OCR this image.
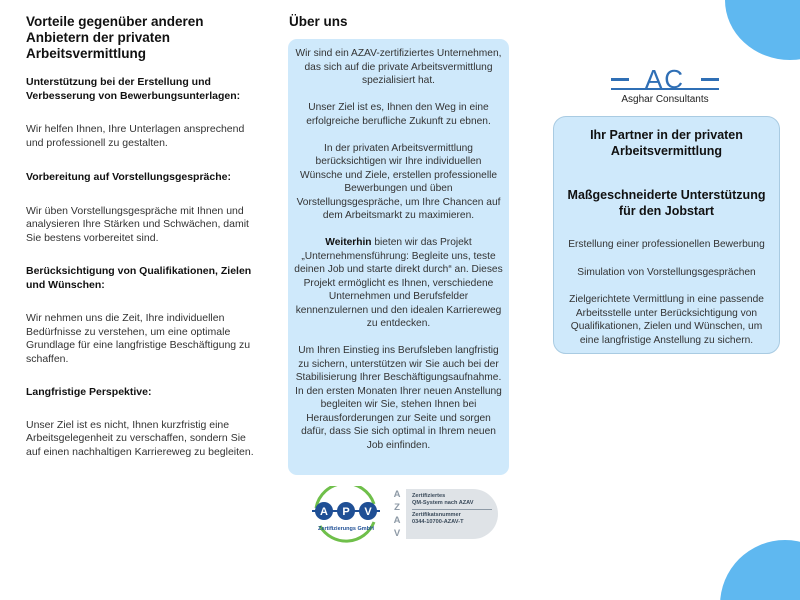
Vorteile gegenüber anderen Anbietern der privaten Arbeitsvermittlung
Unterstützung bei der Erstellung und Verbesserung von Bewerbungsunterlagen:

Wir helfen Ihnen, Ihre Unterlagen ansprechend und professionell zu gestalten.

Vorbereitung auf Vorstellungsgespräche:

Wir üben Vorstellungsgespräche mit Ihnen und analysieren Ihre Stärken und Schwächen, damit Sie bestens vorbereitet sind.

Berücksichtigung von Qualifikationen, Zielen und Wünschen:

Wir nehmen uns die Zeit, Ihre individuellen Bedürfnisse zu verstehen, um eine optimale Grundlage für eine langfristige Beschäftigung zu schaffen.

Langfristige Perspektive:

Unser Ziel ist es nicht, Ihnen kurzfristig eine Arbeitsgelegenheit zu verschaffen, sondern Sie auf einen nachhaltigen Karriereweg zu begleiten.

Über uns

Wir sind ein AZAV-zertifiziertes Unternehmen, das sich auf die private Arbeitsvermittlung spezialisiert hat.

Unser Ziel ist es, Ihnen den Weg in eine erfolgreiche berufliche Zukunft zu ebnen.

In der privaten Arbeitsvermittlung berücksichtigen wir Ihre individuellen Wünsche und Ziele, erstellen professionelle Bewerbungen und üben Vorstellungsgespräche, um Ihre Chancen auf dem Arbeitsmarkt zu maximieren.

Weiterhin bieten wir das Projekt „Unternehmensführung: Begleite uns, teste deinen Job und starte direkt durch“ an. Dieses Projekt ermöglicht es Ihnen, verschiedene Unternehmen und Berufsfelder kennenzulernen und den idealen Karriereweg zu entdecken.

Um Ihren Einstieg ins Berufsleben langfristig zu sichern, unterstützen wir Sie auch bei der Stabilisierung Ihrer Beschäftigungsaufnahme. In den ersten Monaten Ihrer neuen Anstellung begleiten wir Sie, stehen Ihnen bei Herausforderungen zur Seite und sorgen dafür, dass Sie sich optimal in Ihrem neuen Job einfinden.

A P V
Zertifizierungs GmbH
A
Z
A
V
Zertifiziertes
QM-System nach AZAV
Zertifikatsnummer
0344-10700-AZAV-T
AC
Asghar Consultants
Ihr Partner in der privaten Arbeitsvermittlung
Maßgeschneiderte Unterstützung für den Jobstart

Erstellung einer professionellen Bewerbung

Simulation von Vorstellungsgesprächen

Zielgerichtete Vermittlung in eine passende Arbeitsstelle unter Berücksichtigung von Qualifikationen, Zielen und Wünschen, um eine langfristige Anstellung zu sichern.
